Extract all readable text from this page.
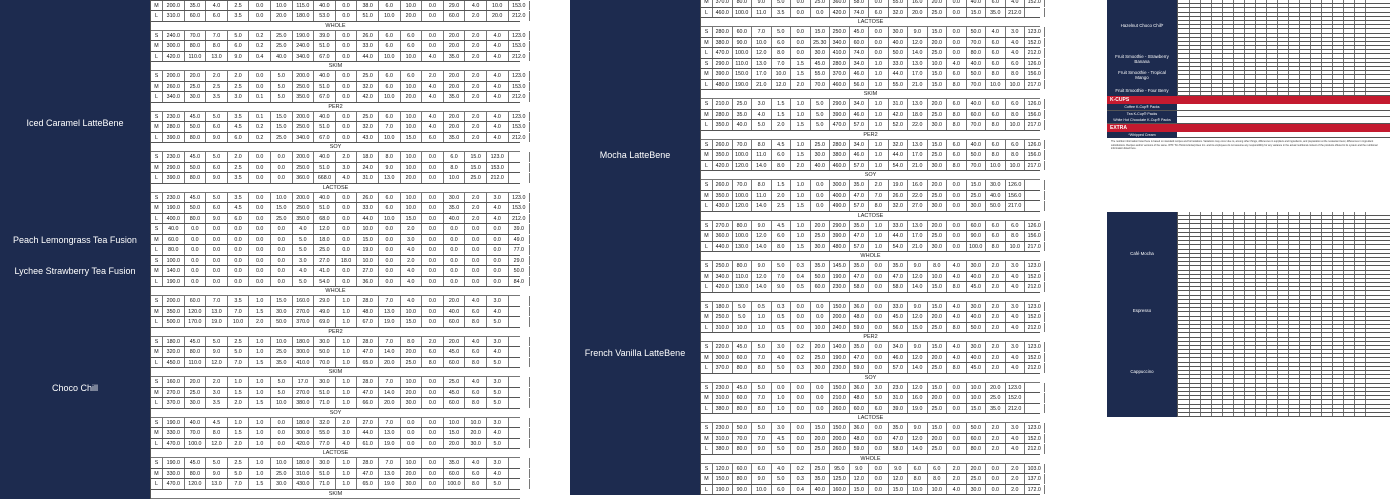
M	200.0	35.0	4.0	2.5	0.0	10.0	115.0	40.0	0.0	38.0	6.0	10.0	0.0	29.0	4.0	10.0	153.0
L	310.0	60.0	6.0	3.5	0.0	20.0	180.0	53.0	0.0	51.0	10.0	20.0	0.0	60.0	2.0	20.0	212.0
Iced Caramel LatteBene
WHOLE
S	240.0	70.0	7.0	5.0	0.2	25.0	190.0	39.0	0.0	26.0	6.0	6.0	0.0	20.0	2.0	4.0	123.0
M	300.0	80.0	8.0	6.0	0.2	25.0	240.0	51.0	0.0	33.0	6.0	6.0	0.0	20.0	2.0	4.0	153.0
L	420.0	110.0	13.0	9.0	0.4	40.0	340.0	67.0	0.0	44.0	10.0	10.0	4.0	35.0	2.0	4.0	212.0
SKIM
S	200.0	20.0	2.0	2.0	0.0	5.0	200.0	40.0	0.0	25.0	6.0	6.0	2.0	20.0	2.0	4.0	123.0
M	260.0	25.0	2.5	2.5	0.0	5.0	250.0	51.0	0.0	32.0	6.0	10.0	4.0	20.0	2.0	4.0	153.0
L	340.0	30.0	3.5	3.0	0.1	5.0	350.0	67.0	0.0	42.0	10.0	20.0	4.0	35.0	2.0	4.0	212.0
PER2
S	230.0	45.0	5.0	3.5	0.1	15.0	200.0	40.0	0.0	25.0	6.0	10.0	4.0	20.0	2.0	4.0	123.0
M	280.0	50.0	6.0	4.5	0.2	15.0	250.0	51.0	0.0	32.0	7.0	10.0	4.0	20.0	2.0	4.0	153.0
L	390.0	80.0	9.0	6.0	0.2	25.0	340.0	67.0	0.0	43.0	10.0	15.0	6.0	35.0	2.0	4.0	212.0
SOY
S	230.0	45.0	5.0	2.0	0.0	0.0	200.0	40.0	2.0	18.0	8.0	10.0	0.0	6.0	15.0	123.0
M	290.0	50.0	6.0	2.5	0.0	0.0	250.0	51.0	3.0	24.0	9.0	10.0	0.0	8.0	15.0	153.0
L	390.0	80.0	9.0	3.5	0.0	0.0	360.0	668.0	4.0	31.0	13.0	20.0	0.0	10.0	25.0	212.0
LACTOSE
S	230.0	45.0	5.0	3.5	0.0	10.0	200.0	40.0	0.0	26.0	6.0	10.0	0.0	30.0	2.0	3.0	123.0
M	190.0	50.0	6.0	4.5	0.0	15.0	250.0	51.0	0.0	33.0	6.0	10.0	0.0	35.0	2.0	4.0	153.0
L	400.0	80.0	9.0	6.0	0.0	25.0	350.0	68.0	0.0	44.0	10.0	15.0	0.0	40.0	2.0	4.0	212.0
Peach Lemongrass Tea Fusion
S	40.0	0.0	0.0	0.0	0.0	0.0	4.0	12.0	0.0	10.0	0.0	2.0	0.0	0.0	0.0	0.0	39.0
M	60.0	0.0	0.0	0.0	0.0	0.0	5.0	18.0	0.0	15.0	0.0	3.0	0.0	0.0	0.0	0.0	49.0
L	80.0	0.0	0.0	0.0	0.0	0.0	5.0	25.0	0.0	19.0	0.0	4.0	0.0	0.0	0.0	0.0	77.0
Lychee Strawberry Tea Fusion
S	100.0	0.0	0.0	0.0	0.0	0.0	3.0	27.0	18.0	10.0	0.0	2.0	0.0	0.0	0.0	0.0	29.0
M	140.0	0.0	0.0	0.0	0.0	0.0	4.0	41.0	0.0	27.0	0.0	4.0	0.0	0.0	0.0	0.0	50.0
L	190.0	0.0	0.0	0.0	0.0	0.0	5.0	54.0	0.0	36.0	0.0	4.0	0.0	0.0	0.0	0.0	84.0
Choco Chill
WHOLE
S	200.0	60.0	7.0	3.5	1.0	15.0	160.0	29.0	1.0	28.0	7.0	4.0	0.0	20.0	4.0	3.0
M	350.0	120.0	13.0	7.0	1.5	30.0	270.0	49.0	1.0	48.0	13.0	10.0	0.0	40.0	6.0	4.0
L	500.0	170.0	19.0	10.0	2.0	50.0	370.0	69.0	1.0	67.0	19.0	15.0	0.0	60.0	8.0	5.0
PER2
S	180.0	45.0	5.0	2.5	1.0	10.0	180.0	30.0	1.0	28.0	7.0	8.0	2.0	20.0	4.0	3.0
M	320.0	80.0	9.0	5.0	1.0	25.0	300.0	50.0	1.0	47.0	14.0	20.0	6.0	45.0	6.0	4.0
L	450.0	110.0	12.0	7.0	1.5	35.0	410.0	70.0	1.0	65.0	20.0	25.0	8.0	60.0	8.0	5.0
SKIM
S	160.0	20.0	2.0	1.0	1.0	5.0	17.0	30.0	1.0	28.0	7.0	10.0	0.0	25.0	4.0	3.0
M	270.0	25.0	3.0	1.5	1.0	5.0	270.0	51.0	1.0	47.0	14.0	20.0	0.0	45.0	6.0	5.0
L	370.0	30.0	3.5	2.0	1.5	10.0	380.0	71.0	1.0	66.0	20.0	30.0	0.0	60.0	8.0	5.0
SOY
S	190.0	40.0	4.5	1.0	1.0	0.0	180.0	32.0	2.0	27.0	7.0	0.0	0.0	10.0	10.0	3.0
M	330.0	70.0	8.0	1.5	1.0	0.0	300.0	55.0	3.0	44.0	13.0	0.0	0.0	15.0	20.0	4.0
L	470.0	100.0	12.0	2.0	1.0	0.0	420.0	77.0	4.0	61.0	19.0	0.0	0.0	20.0	30.0	5.0
LACTOSE
S	190.0	45.0	5.0	2.5	1.0	10.0	180.0	30.0	1.0	28.0	7.0	10.0	0.0	35.0	4.0	3.0
M	330.0	80.0	9.0	5.0	1.0	25.0	310.0	51.0	1.0	47.0	13.0	20.0	0.0	60.0	6.0	4.0
L	470.0	120.0	13.0	7.0	1.5	30.0	430.0	71.0	1.0	65.0	19.0	30.0	0.0	100.0	8.0	5.0
SKIM
M	370.0	80.0	9.0	5.0	0.0	25.0	360.0	58.0	0.0	55.0	16.0	20.0	0.0	40.0	6.0	4.0	152.0
L	460.0	100.0	11.0	3.5	0.0	0.0	420.0	74.0	6.0	32.0	20.0	25.0	0.0	15.0	35.0	212.0
LACTOSE
S	280.0	60.0	7.0	5.0	0.0	15.0	250.0	45.0	0.0	30.0	9.0	15.0	0.0	50.0	4.0	3.0	123.0
M	380.0	90.0	10.0	6.0	0.0	25.30	340.0	60.0	0.0	40.0	12.0	20.0	0.0	70.0	6.0	4.0	152.0
L	470.0	100.0	12.0	8.0	0.0	30.0	410.0	74.0	0.0	50.0	14.0	25.0	0.0	80.0	6.0	4.0	212.0
Mocha LatteBene
S	290.0	110.0	13.0	7.0	1.5	45.0	280.0	34.0	1.0	33.0	13.0	10.0	4.0	40.0	6.0	6.0	126.0
M	390.0	150.0	17.0	10.0	1.5	55.0	370.0	46.0	1.0	44.0	17.0	15.0	6.0	50.0	8.0	8.0	156.0
L	480.0	190.0	21.0	12.0	2.0	70.0	460.0	56.0	1.0	55.0	21.0	15.0	8.0	70.0	10.0	10.0	217.0
SKIM
S	210.0	25.0	3.0	1.5	1.0	5.0	290.0	34.0	1.0	31.0	13.0	20.0	6.0	40.0	6.0	6.0	126.0
M	280.0	35.0	4.0	1.5	1.0	5.0	390.0	46.0	1.0	42.0	18.0	25.0	8.0	60.0	6.0	8.0	156.0
L	350.0	40.0	5.0	2.0	1.5	5.0	470.0	57.0	1.0	52.0	22.0	30.0	8.0	70.0	8.0	10.0	217.0
PER2
S	260.0	70.0	8.0	4.5	1.0	25.0	280.0	34.0	1.0	32.0	13.0	15.0	6.0	40.0	6.0	6.0	126.0
M	350.0	100.0	11.0	6.0	1.5	30.0	380.0	46.0	1.0	44.0	17.0	25.0	6.0	50.0	8.0	8.0	156.0
L	420.0	120.0	14.0	8.0	2.0	40.0	460.0	57.0	1.0	54.0	21.0	30.0	8.0	70.0	10.0	10.0	217.0
SOY
S	260.0	70.0	8.0	1.5	1.0	0.0	300.0	35.0	2.0	19.0	16.0	20.0	0.0	15.0	30.0	126.0
M	350.0	100.0	11.0	2.0	1.0	0.0	400.0	47.0	7.0	26.0	22.0	25.0	0.0	25.0	40.0	156.0
L	430.0	120.0	14.0	2.5	1.5	0.0	490.0	57.0	8.0	32.0	27.0	30.0	0.0	30.0	50.0	217.0
LACTOSE
S	270.0	80.0	9.0	4.5	1.0	20.0	290.0	35.0	1.0	33.0	13.0	20.0	0.0	60.0	6.0	6.0	126.0
M	360.0	100.0	12.0	6.0	1.0	25.0	390.0	47.0	1.0	44.0	17.0	25.0	0.0	90.0	6.0	8.0	156.0
L	440.0	130.0	14.0	8.0	1.5	30.0	480.0	57.0	1.0	54.0	21.0	30.0	0.0	100.0	8.0	10.0	217.0
French Vanilla LatteBene
WHOLE
S	250.0	80.0	9.0	5.0	0.3	35.0	145.0	35.0	0.0	35.0	9.0	8.0	4.0	30.0	2.0	3.0	123.0
M	340.0	110.0	12.0	7.0	0.4	50.0	190.0	47.0	0.0	47.0	12.0	10.0	4.0	40.0	2.0	4.0	152.0
L	420.0	130.0	14.0	9.0	0.5	60.0	230.0	58.0	0.0	58.0	14.0	15.0	8.0	45.0	2.0	4.0	212.0
S	180.0	5.0	0.5	0.3	0.0	0.0	150.0	36.0	0.0	33.0	9.0	15.0	4.0	30.0	2.0	3.0	123.0
M	250.0	5.0	1.0	0.5	0.0	0.0	200.0	48.0	0.0	45.0	12.0	20.0	4.0	40.0	2.0	4.0	152.0
L	310.0	10.0	1.0	0.5	0.0	10.0	240.0	59.0	0.0	56.0	15.0	25.0	8.0	50.0	2.0	4.0	212.0
PER2
S	220.0	45.0	5.0	3.0	0.2	20.0	140.0	35.0	0.0	34.0	9.0	15.0	4.0	30.0	2.0	3.0	123.0
M	300.0	60.0	7.0	4.0	0.2	25.0	190.0	47.0	0.0	46.0	12.0	20.0	4.0	40.0	2.0	4.0	152.0
L	370.0	80.0	8.0	5.0	0.3	30.0	230.0	59.0	0.0	57.0	14.0	25.0	8.0	45.0	2.0	4.0	212.0
SOY
S	230.0	45.0	5.0	0.0	0.0	0.0	150.0	36.0	3.0	23.0	12.0	15.0	0.0	10.0	20.0	123.0
M	310.0	60.0	7.0	1.0	0.0	0.0	210.0	48.0	5.0	31.0	16.0	20.0	0.0	10.0	25.0	152.0
L	380.0	80.0	8.0	1.0	0.0	0.0	260.0	60.0	6.0	39.0	19.0	25.0	0.0	15.0	35.0	212.0
LACTOSE
S	230.0	50.0	5.0	3.0	0.0	15.0	150.0	36.0	0.0	35.0	9.0	15.0	0.0	50.0	2.0	3.0	123.0
M	310.0	70.0	7.0	4.5	0.0	20.0	200.0	48.0	0.0	47.0	12.0	20.0	0.0	60.0	2.0	4.0	152.0
L	380.0	80.0	9.0	5.0	0.0	25.0	260.0	59.0	0.0	58.0	14.0	25.0	0.0	80.0	2.0	4.0	212.0
WHOLE
S	120.0	60.0	6.0	4.0	0.2	25.0	95.0	9.0	0.0	9.0	6.0	6.0	2.0	20.0	0.0	2.0	103.0
M	150.0	80.0	9.0	5.0	0.3	35.0	125.0	12.0	0.0	12.0	8.0	8.0	2.0	25.0	0.0	2.0	137.0
L	190.0	90.0	10.0	6.0	0.4	40.0	160.0	15.0	0.0	15.0	10.0	10.0	4.0	30.0	0.0	2.0	172.0
Hazelnut Choco Chill*
Fruit Smoothie - Strawberry Banana
Fruit Smoothie - Tropical Mango
Fruit Smoothie - Four Berry
K-CUPS
Coffee K-Cup® Packs
Tea K-Cup® Packs
White Hot Chocolate K-Cup® Packs
EXTRA
*Whipped Cream
The nutrition information listed here is based on standard recipes and formulations. Variations may occur due to, among other things, differences in suppliers and ingredients, and preparation at the restaurant level, differences in ingredient substitutions. Recipes and/or versions of the same. WTF Tim Hortons Enterprises Inc. and its employees do not assume any responsibility for any variance in the actual nutritional content of the products offered in its system and the nutritional information listed here.
Café Mocha
Espresso
Cappuccino
